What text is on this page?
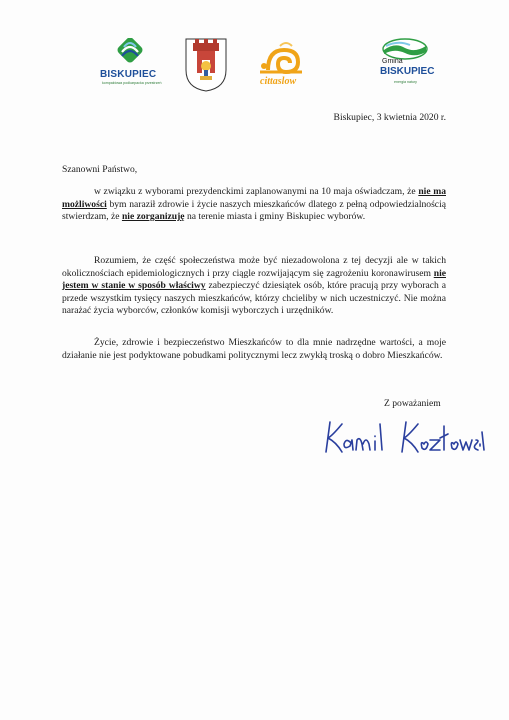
BISKUPIEC
kompaktowa podkarpacka przestrzeń	cittaslow
Gmina
BISKUPIEC
energia natury
Biskupiec, 3 kwietnia 2020 r.
Szanowni Państwo,
w związku z wyborami prezydenckimi zaplanowanymi na 10 maja oświadczam, że nie ma możliwości bym naraził zdrowie i życie naszych mieszkańców dlatego z pełną odpowiedzialnością stwierdzam, że nie zorganizuję na terenie miasta i gminy Biskupiec wyborów.
Rozumiem, że część społeczeństwa może być niezadowolona z tej decyzji ale w takich okolicznościach epidemiologicznych i przy ciągle rozwijającym się zagrożeniu koronawirusem nie jestem w stanie w sposób właściwy zabezpieczyć dziesiątek osób, które pracują przy wyborach a przede wszystkim tysięcy naszych mieszkańców, którzy chcieliby w nich uczestniczyć. Nie można narażać życia wyborców, członków komisji wyborczych i urzędników.
Życie, zdrowie i bezpieczeństwo Mieszkańców to dla mnie nadrzędne wartości, a moje działanie nie jest podyktowane pobudkami politycznymi lecz zwykłą troską o dobro Mieszkańców.
Z poważaniem
